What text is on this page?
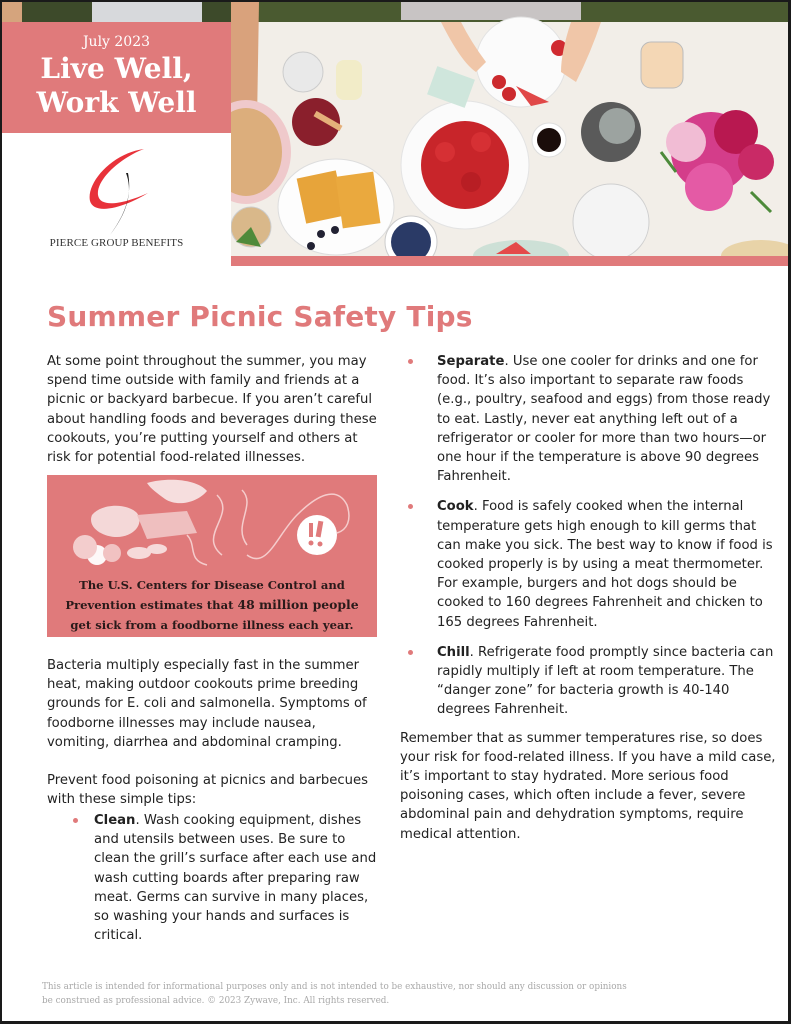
July 2023
Live Well,
Work Well
PIERCE GROUP BENEFITS
Summer Picnic Safety Tips

At some point throughout the summer, you may spend time outside with family and friends at a picnic or backyard barbecue. If you aren’t careful about handling foods and beverages during these cookouts, you’re putting yourself and others at risk for potential food-related illnesses.

The U.S. Centers for Disease Control and
Prevention estimates that 48 million people
get sick from a foodborne illness each year.

Bacteria multiply especially fast in the summer heat, making outdoor cookouts prime breeding grounds for E. coli and salmonella. Symptoms of foodborne illnesses may include nausea, vomiting, diarrhea and abdominal cramping.

Prevent food poisoning at picnics and barbecues with these simple tips:

Clean. Wash cooking equipment, dishes and utensils between uses. Be sure to clean the grill’s surface after each use and wash cutting boards after preparing raw meat. Germs can survive in many places, so washing your hands and surfaces is critical.
Separate. Use one cooler for drinks and one for food. It’s also important to separate raw foods (e.g., poultry, seafood and eggs) from those ready to eat. Lastly, never eat anything left out of a refrigerator or cooler for more than two hours—or one hour if the temperature is above 90 degrees Fahrenheit.
Cook. Food is safely cooked when the internal temperature gets high enough to kill germs that can make you sick. The best way to know if food is cooked properly is by using a meat thermometer. For example, burgers and hot dogs should be cooked to 160 degrees Fahrenheit and chicken to 165 degrees Fahrenheit.
Chill. Refrigerate food promptly since bacteria can rapidly multiply if left at room temperature. The “danger zone” for bacteria growth is 40-140 degrees Fahrenheit.

Remember that as summer temperatures rise, so does your risk for food-related illness. If you have a mild case, it’s important to stay hydrated. More serious food poisoning cases, which often include a fever, severe abdominal pain and dehydration symptoms, require medical attention.

This article is intended for informational purposes only and is not intended to be exhaustive, nor should any discussion or opinions
be construed as professional advice. © 2023 Zywave, Inc. All rights reserved.
